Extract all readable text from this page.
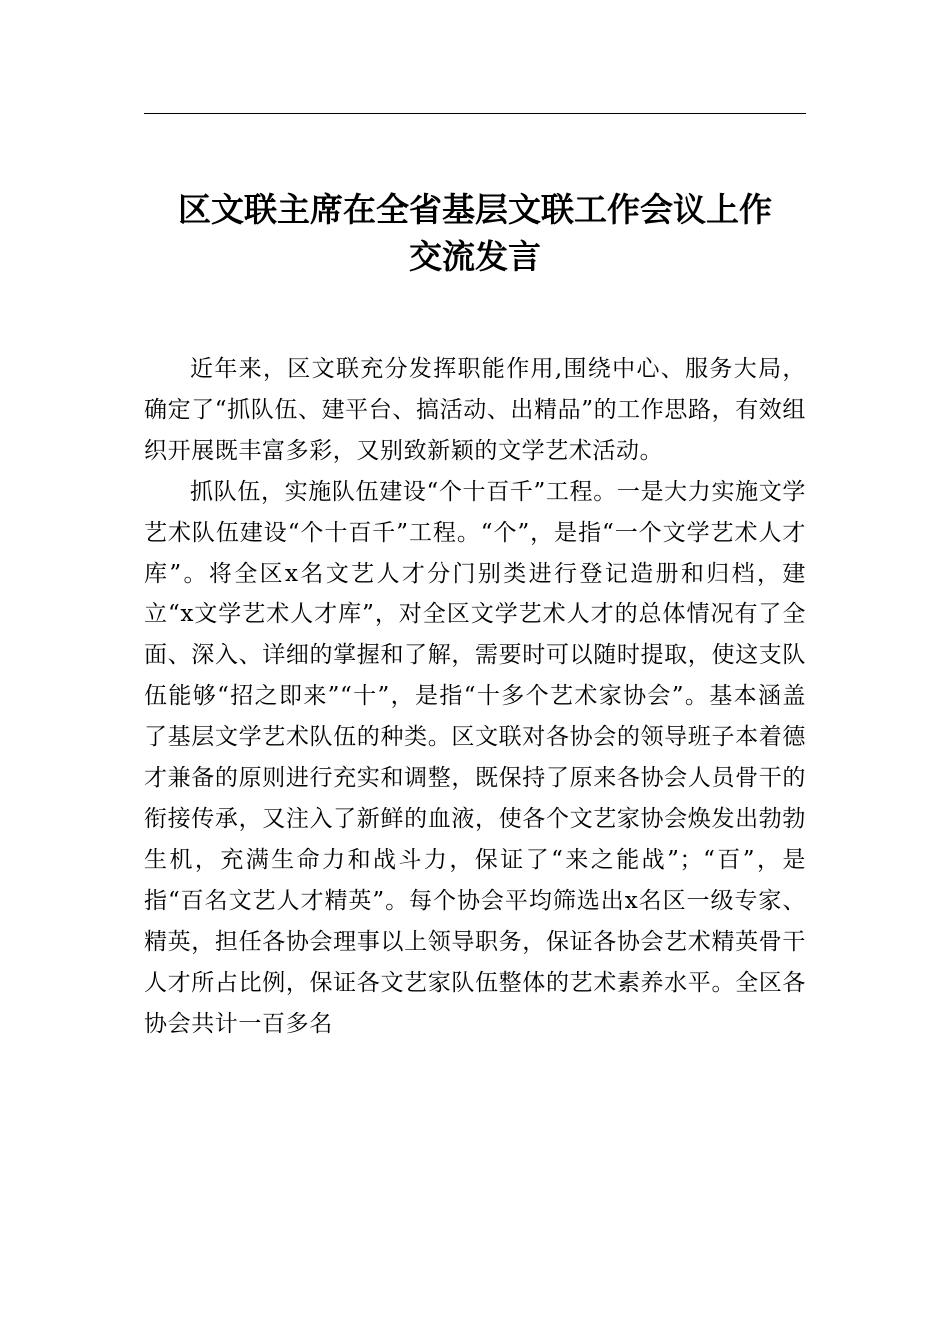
区文联主席在全省基层文联工作会议上作
交流发言

近年来，区文联充分发挥职能作用,围绕中心、服务大局，确定了“抓队伍、建平台、搞活动、出精品”的工作思路，有效组织开展既丰富多彩，又别致新颖的文学艺术活动。

抓队伍，实施队伍建设“个十百千”工程。一是大力实施文学艺术队伍建设“个十百千”工程。“个”，是指“一个文学艺术人才库”。将全区x名文艺人才分门别类进行登记造册和归档，建立“x文学艺术人才库”，对全区文学艺术人才的总体情况有了全面、深入、详细的掌握和了解，需要时可以随时提取，使这支队伍能够“招之即来”“十”，是指“十多个艺术家协会”。基本涵盖了基层文学艺术队伍的种类。区文联对各协会的领导班子本着德才兼备的原则进行充实和调整，既保持了原来各协会人员骨干的衔接传承，又注入了新鲜的血液，使各个文艺家协会焕发出勃勃生机，充满生命力和战斗力，保证了“来之能战”；“百”，是指“百名文艺人才精英”。每个协会平均筛选出x名区一级专家、精英，担任各协会理事以上领导职务，保证各协会艺术精英骨干人才所占比例，保证各文艺家队伍整体的艺术素养水平。全区各协会共计一百多名
